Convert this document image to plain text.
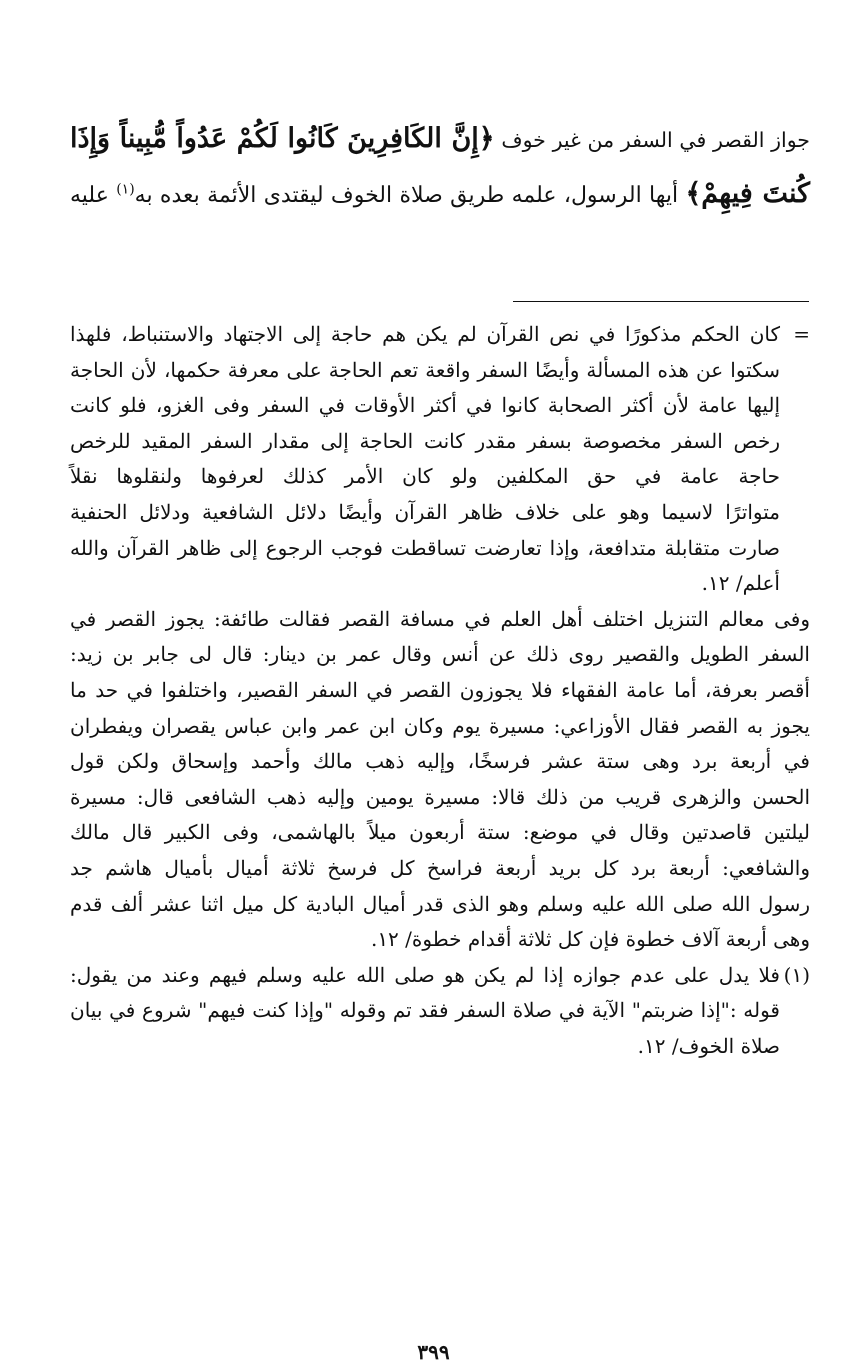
جواز القصر في السفر من غير خوف ﴿إِنَّ الكَافِرِينَ كَانُوا لَكُمْ عَدُواً مُّبِيناً وَإِذَا
كُنتَ فِيهِمْ﴾ أيها الرسول، علمه طريق صلاة الخوف ليقتدى الأئمة بعده به$^{(١)}$ عليه
=
كان الحكم مذكورًا في نص القرآن لم يكن هم حاجة إلى الاجتهاد والاستنباط، فلهذا
سكتوا عن هذه المسألة وأيضًا السفر واقعة تعم الحاجة على معرفة حكمها، لأن الحاجة
إليها عامة لأن أكثر الصحابة كانوا في أكثر الأوقات في السفر وفى الغزو، فلو كانت
رخص السفر مخصوصة بسفر مقدر كانت الحاجة إلى مقدار السفر المقيد للرخص
حاجة عامة في حق المكلفين ولو كان الأمر كذلك لعرفوها ولنقلوها نقلاً
متواترًا لاسيما وهو على خلاف ظاهر القرآن وأيضًا دلائل الشافعية ودلائل الحنفية
صارت متقابلة متدافعة، وإذا تعارضت تساقطت فوجب الرجوع إلى ظاهر القرآن والله
أعلم/ ١٢.
وفى معالم التنزيل اختلف أهل العلم في مسافة القصر فقالت طائفة: يجوز القصر في
السفر الطويل والقصير روى ذلك عن أنس وقال عمر بن دينار: قال لى جابر بن زيد:
أقصر بعرفة، أما عامة الفقهاء فلا يجوزون القصر في السفر القصير، واختلفوا في حد ما
يجوز به القصر فقال الأوزاعي: مسيرة يوم وكان ابن عمر وابن عباس يقصران ويفطران
في أربعة برد وهى ستة عشر فرسخًا، وإليه ذهب مالك وأحمد وإسحاق ولكن قول
الحسن والزهرى قريب من ذلك قالا: مسيرة يومين وإليه ذهب الشافعى قال: مسيرة
ليلتين قاصدتين وقال في موضع: ستة أربعون ميلاً بالهاشمى، وفى الكبير قال مالك
والشافعي: أربعة برد كل بريد أربعة فراسخ كل فرسخ ثلاثة أميال بأميال هاشم جد
رسول الله صلى الله عليه وسلم وهو الذى قدر أميال البادية كل ميل اثنا عشر ألف قدم
وهى أربعة آلاف خطوة فإن كل ثلاثة أقدام خطوة/ ١٢.
(١)
فلا يدل على عدم جوازه إذا لم يكن هو صلى الله عليه وسلم فيهم وعند من يقول:
قوله :"إذا ضربتم" الآية في صلاة السفر فقد تم وقوله "وإذا كنت فيهم" شروع في بيان
صلاة الخوف/ ١٢.
٣٩٩
